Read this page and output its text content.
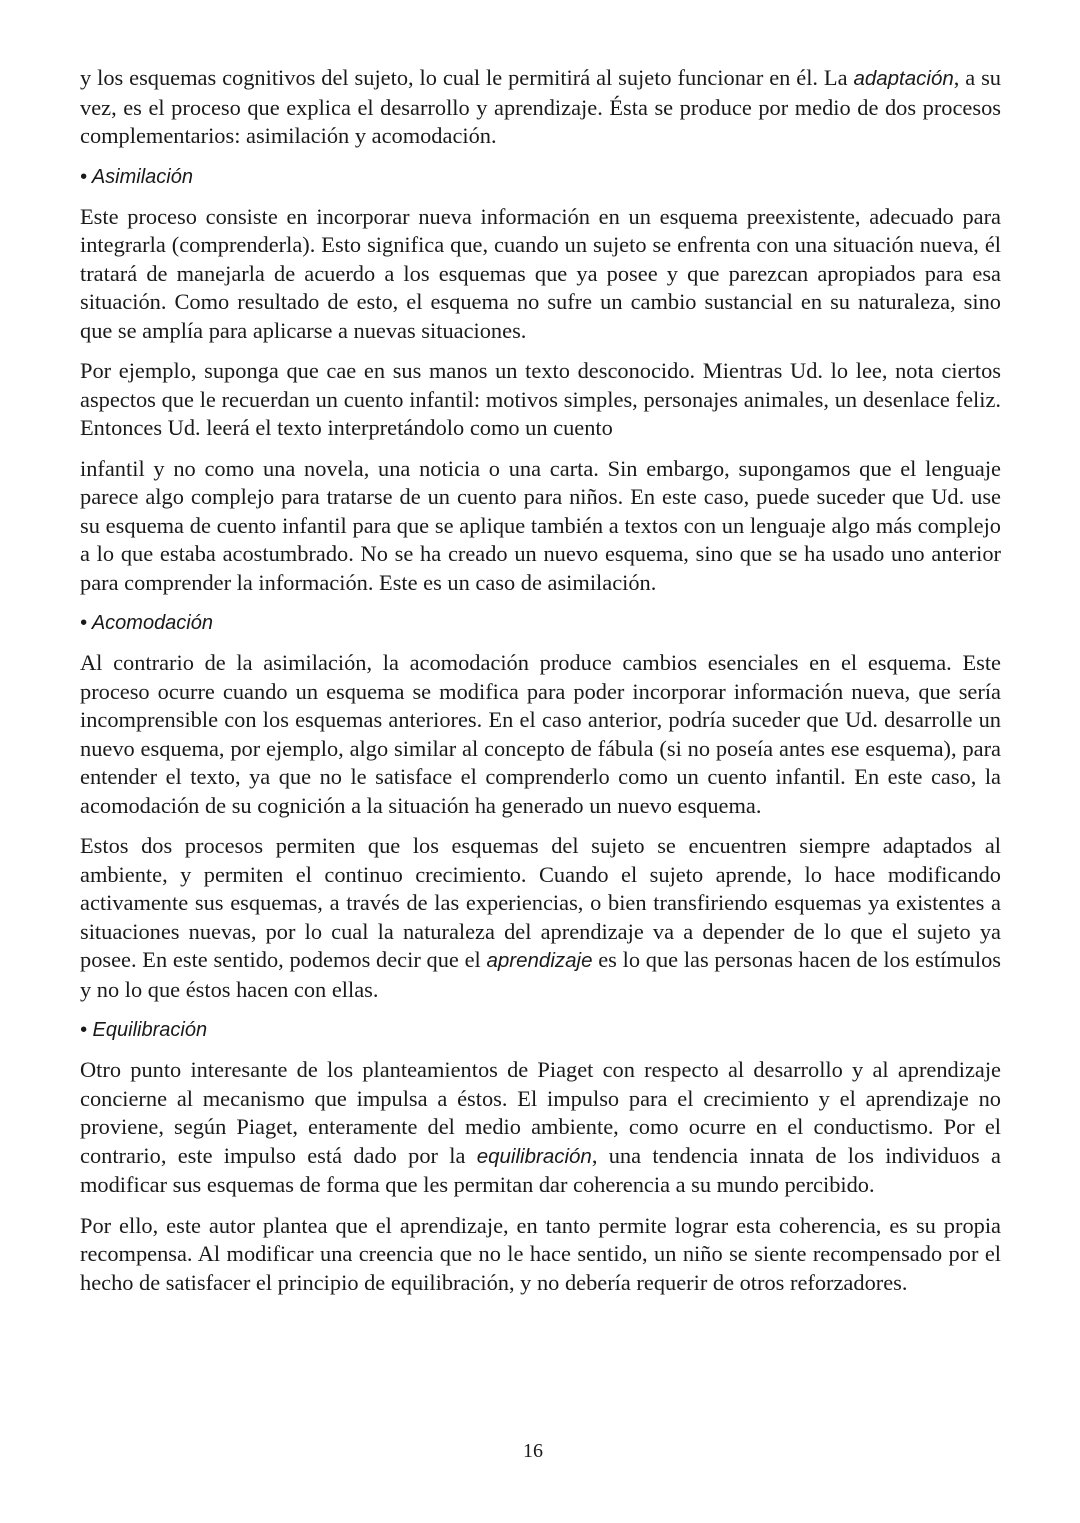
y los esquemas cognitivos del sujeto, lo cual le permitirá al sujeto funcionar en él. La adaptación, a su vez, es el proceso que explica el desarrollo y aprendizaje. Ésta se produce por medio de dos procesos complementarios: asimilación y acomodación.

• Asimilación

Este proceso consiste en incorporar nueva información en un esquema preexistente, adecuado para integrarla (comprenderla). Esto significa que, cuando un sujeto se enfrenta con una situación nueva, él tratará de manejarla de acuerdo a los esquemas que ya posee y que parezcan apropiados para esa situación. Como resultado de esto, el esquema no sufre un cambio sustancial en su naturaleza, sino que se amplía para aplicarse a nuevas situaciones.

Por ejemplo, suponga que cae en sus manos un texto desconocido. Mientras Ud. lo lee, nota ciertos aspectos que le recuerdan un cuento infantil: motivos simples, personajes animales, un desenlace feliz. Entonces Ud. leerá el texto interpretándolo como un cuento

infantil y no como una novela, una noticia o una carta. Sin embargo, supongamos que el lenguaje parece algo complejo para tratarse de un cuento para niños. En este caso, puede suceder que Ud. use su esquema de cuento infantil para que se aplique también a textos con un lenguaje algo más complejo a lo que estaba acostumbrado. No se ha creado un nuevo esquema, sino que se ha usado uno anterior para comprender la información. Este es un caso de asimilación.

• Acomodación

Al contrario de la asimilación, la acomodación produce cambios esenciales en el esquema. Este proceso ocurre cuando un esquema se modifica para poder incorporar información nueva, que sería incomprensible con los esquemas anteriores. En el caso anterior, podría suceder que Ud. desarrolle un nuevo esquema, por ejemplo, algo similar al concepto de fábula (si no poseía antes ese esquema), para entender el texto, ya que no le satisface el comprenderlo como un cuento infantil. En este caso, la acomodación de su cognición a la situación ha generado un nuevo esquema.

Estos dos procesos permiten que los esquemas del sujeto se encuentren siempre adaptados al ambiente, y permiten el continuo crecimiento. Cuando el sujeto aprende, lo hace modificando activamente sus esquemas, a través de las experiencias, o bien transfiriendo esquemas ya existentes a situaciones nuevas, por lo cual la naturaleza del aprendizaje va a depender de lo que el sujeto ya posee. En este sentido, podemos decir que el aprendizaje es lo que las personas hacen de los estímulos y no lo que éstos hacen con ellas.

• Equilibración

Otro punto interesante de los planteamientos de Piaget con respecto al desarrollo y al aprendizaje concierne al mecanismo que impulsa a éstos. El impulso para el crecimiento y el aprendizaje no proviene, según Piaget, enteramente del medio ambiente, como ocurre en el conductismo. Por el contrario, este impulso está dado por la equilibración, una tendencia innata de los individuos a modificar sus esquemas de forma que les permitan dar coherencia a su mundo percibido.

Por ello, este autor plantea que el aprendizaje, en tanto permite lograr esta coherencia, es su propia recompensa. Al modificar una creencia que no le hace sentido, un niño se siente recompensado por el hecho de satisfacer el principio de equilibración, y no debería requerir de otros reforzadores.

16
